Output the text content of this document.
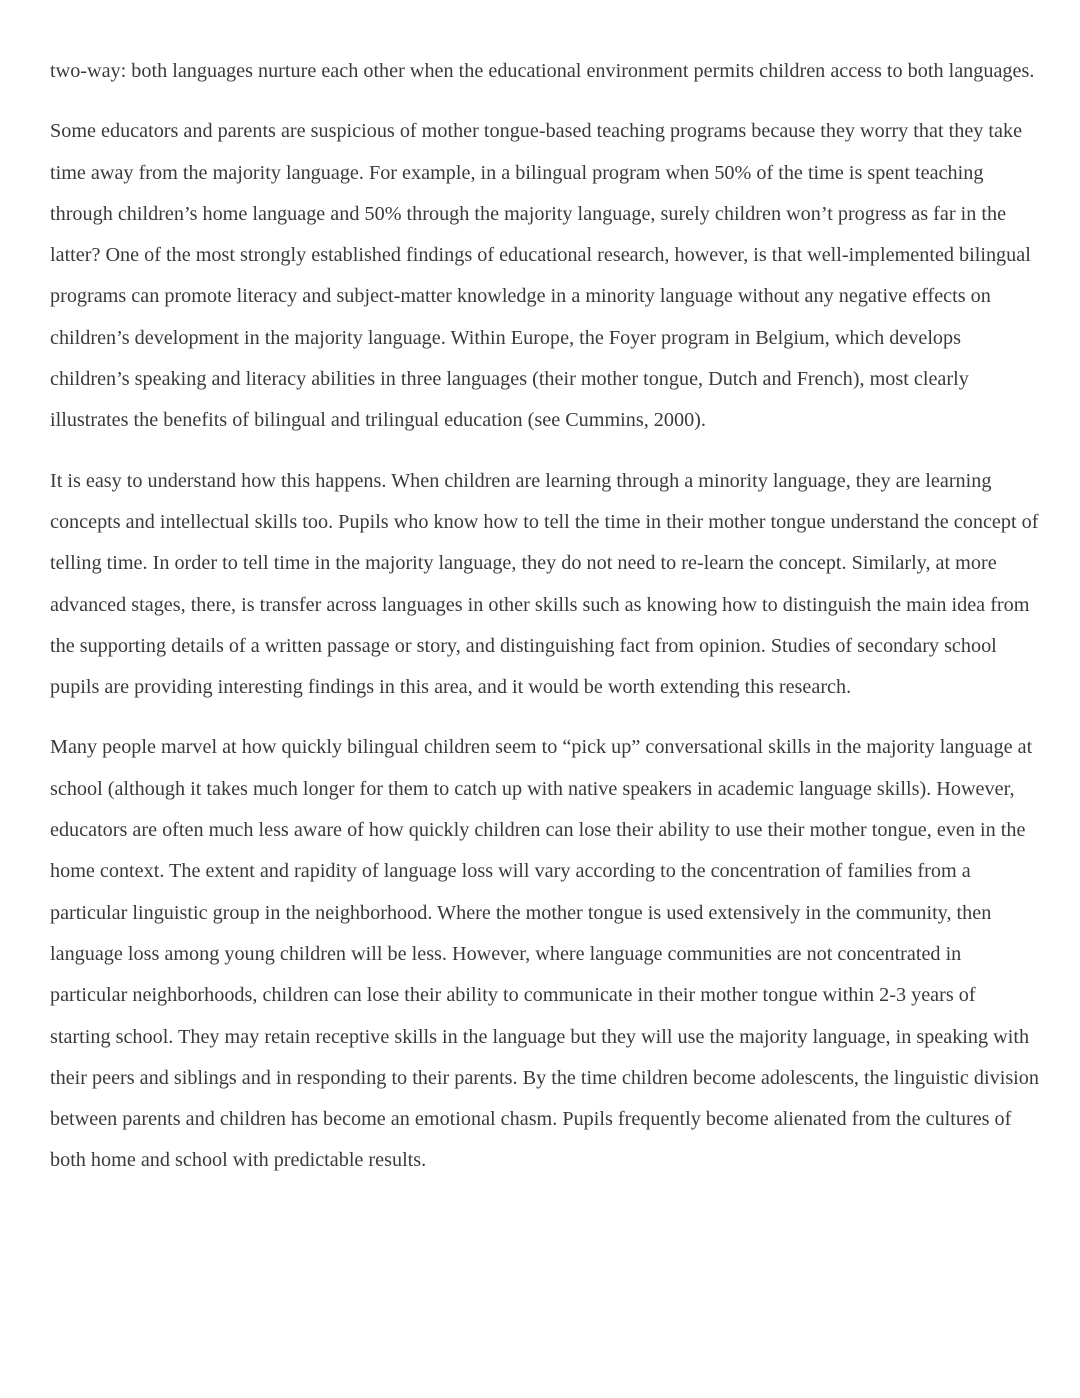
two-way: both languages nurture each other when the educational environment permits children access to both languages.

Some educators and parents are suspicious of mother tongue-based teaching programs because they worry that they take time away from the majority language. For example, in a bilingual program when 50% of the time is spent teaching through children’s home language and 50% through the majority language, surely children won’t progress as far in the latter? One of the most strongly established findings of educational research, however, is that well-implemented bilingual programs can promote literacy and subject-matter knowledge in a minority language without any negative effects on children’s development in the majority language. Within Europe, the Foyer program in Belgium, which develops children’s speaking and literacy abilities in three languages (their mother tongue, Dutch and French), most clearly illustrates the benefits of bilingual and trilingual education (see Cummins, 2000).

It is easy to understand how this happens. When children are learning through a minority language, they are learning concepts and intellectual skills too. Pupils who know how to tell the time in their mother tongue understand the concept of telling time. In order to tell time in the majority language, they do not need to re-learn the concept. Similarly, at more advanced stages, there, is transfer across languages in other skills such as knowing how to distinguish the main idea from the supporting details of a written passage or story, and distinguishing fact from opinion. Studies of secondary school pupils are providing interesting findings in this area, and it would be worth extending this research.

Many people marvel at how quickly bilingual children seem to “pick up” conversational skills in the majority language at school (although it takes much longer for them to catch up with native speakers in academic language skills). However, educators are often much less aware of how quickly children can lose their ability to use their mother tongue, even in the home context. The extent and rapidity of language loss will vary according to the concentration of families from a particular linguistic group in the neighborhood. Where the mother tongue is used extensively in the community, then language loss among young children will be less. However, where language communities are not concentrated in particular neighborhoods, children can lose their ability to communicate in their mother tongue within 2-3 years of starting school. They may retain receptive skills in the language but they will use the majority language, in speaking with their peers and siblings and in responding to their parents. By the time children become adolescents, the linguistic division between parents and children has become an emotional chasm. Pupils frequently become alienated from the cultures of both home and school with predictable results.
